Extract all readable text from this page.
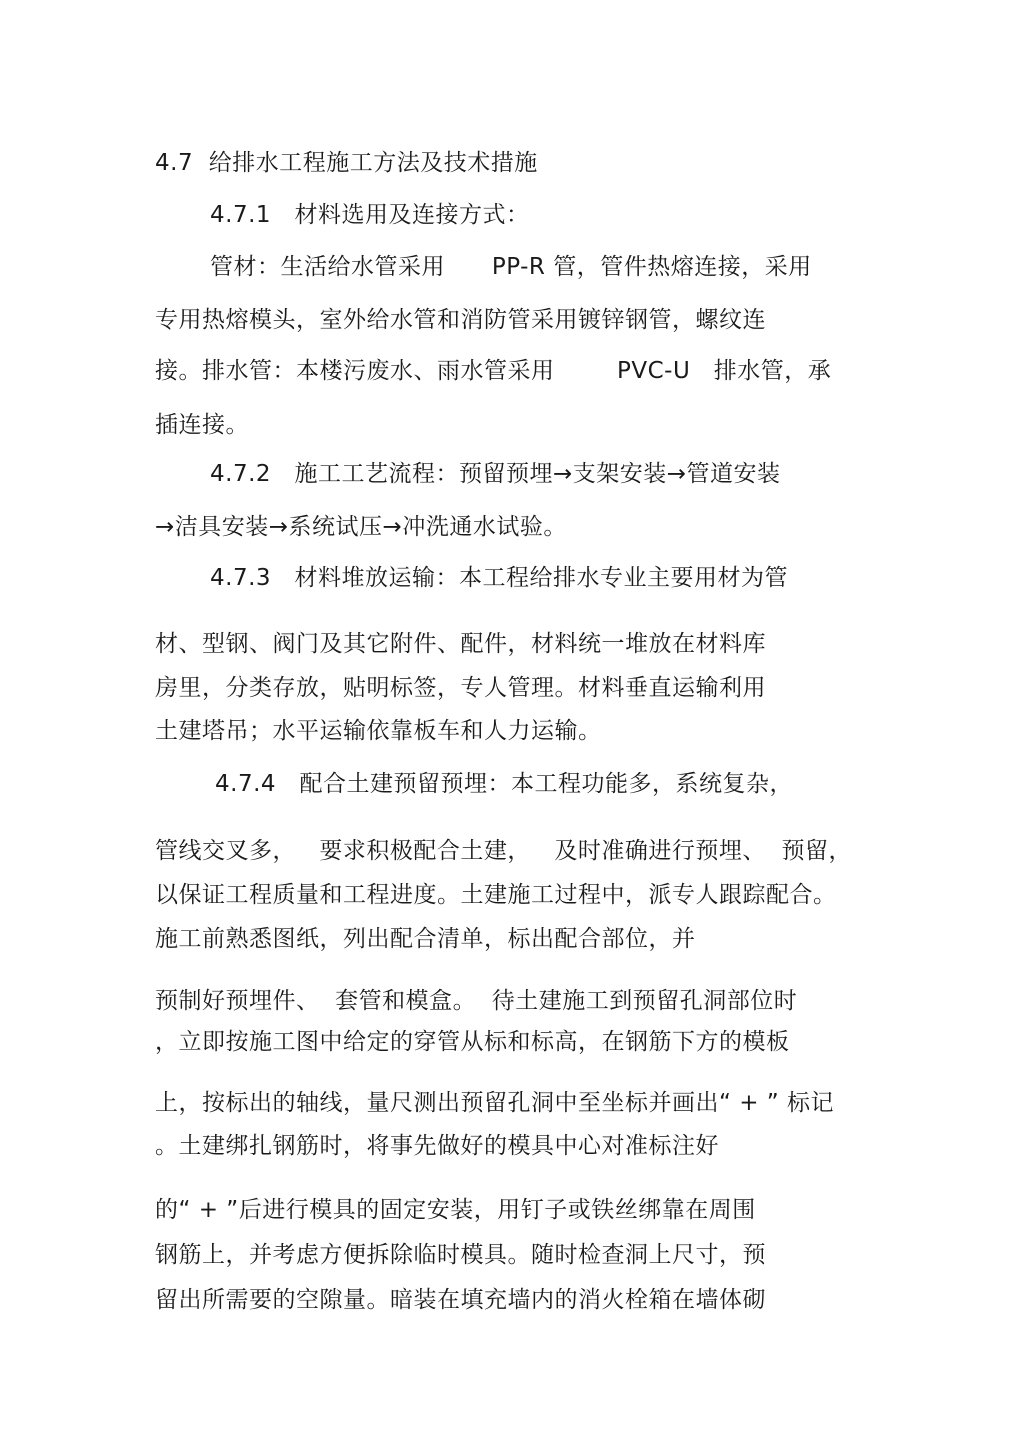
4.7  给排水工程施工方法及技术措施
4.7.1   材料选用及连接方式：
管材：生活给水管采用      PP-R 管，管件热熔连接，采用
专用热熔模头，室外给水管和消防管采用镀锌钢管，螺纹连
接。排水管：本楼污废水、雨水管采用        PVC-U   排水管，承
插连接。
4.7.2   施工工艺流程：预留预埋→支架安装→管道安装
→洁具安装→系统试压→冲洗通水试验。
4.7.3   材料堆放运输：本工程给排水专业主要用材为管
材、型钢、阀门及其它附件、配件，材料统一堆放在材料库
房里，分类存放，贴明标签，专人管理。材料垂直运输利用
土建塔吊；水平运输依靠板车和人力运输。
4.7.4   配合土建预留预埋：本工程功能多，系统复杂，
管线交叉多，   要求积极配合土建，   及时准确进行预埋、  预留，
以保证工程质量和工程进度。土建施工过程中，派专人跟踪配合。
施工前熟悉图纸，列出配合清单，标出配合部位，并
预制好预埋件、  套管和模盒。  待土建施工到预留孔洞部位时
，立即按施工图中给定的穿管从标和标高，在钢筋下方的模板
上，按标出的轴线，量尺测出预留孔洞中至坐标并画出“ + ” 标记
。土建绑扎钢筋时，将事先做好的模具中心对准标注好
的“ + ”后进行模具的固定安装，用钉子或铁丝绑靠在周围
钢筋上，并考虑方便拆除临时模具。随时检查洞上尺寸，预
留出所需要的空隙量。暗装在填充墙内的消火栓箱在墙体砌
